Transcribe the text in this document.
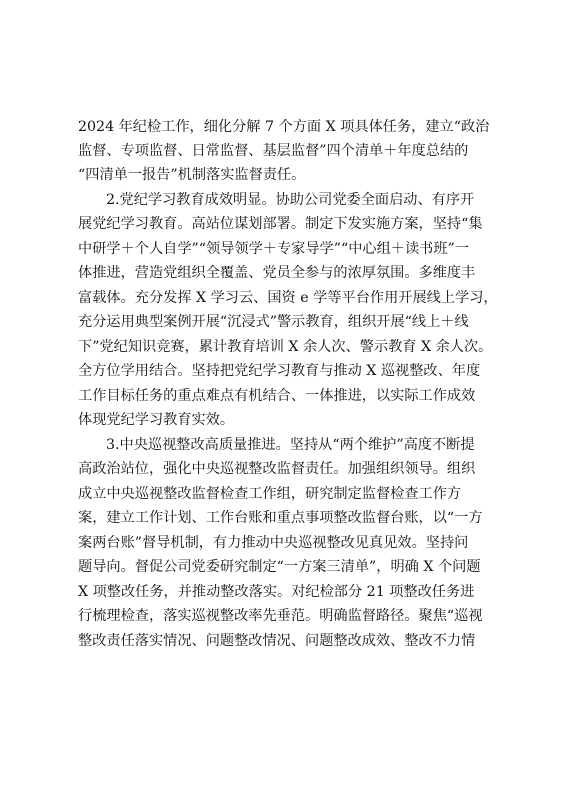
2024 年纪检工作，细化分解 7 个方面 X 项具体任务，建立“政治
监督、专项监督、日常监督、基层监督”四个清单＋年度总结的
“四清单一报告”机制落实监督责任。
2.党纪学习教育成效明显。协助公司党委全面启动、有序开
展党纪学习教育。高站位谋划部署。制定下发实施方案，坚持“集
中研学＋个人自学”“领导领学＋专家导学”“中心组＋读书班”一
体推进，营造党组织全覆盖、党员全参与的浓厚氛围。多维度丰
富载体。充分发挥 X 学习云、国资 e 学等平台作用开展线上学习，
充分运用典型案例开展“沉浸式”警示教育，组织开展“线上＋线
下”党纪知识竞赛，累计教育培训 X 余人次、警示教育 X 余人次。
全方位学用结合。坚持把党纪学习教育与推动 X 巡视整改、年度
工作目标任务的重点难点有机结合、一体推进，以实际工作成效
体现党纪学习教育实效。
3.中央巡视整改高质量推进。坚持从“两个维护”高度不断提
高政治站位，强化中央巡视整改监督责任。加强组织领导。组织
成立中央巡视整改监督检查工作组，研究制定监督检查工作方
案，建立工作计划、工作台账和重点事项整改监督台账，以“一方
案两台账”督导机制，有力推动中央巡视整改见真见效。坚持问
题导向。督促公司党委研究制定“一方案三清单”，明确 X 个问题
X 项整改任务，并推动整改落实。对纪检部分 21 项整改任务进
行梳理检查，落实巡视整改率先垂范。明确监督路径。聚焦“巡视
整改责任落实情况、问题整改情况、问题整改成效、整改不力情
